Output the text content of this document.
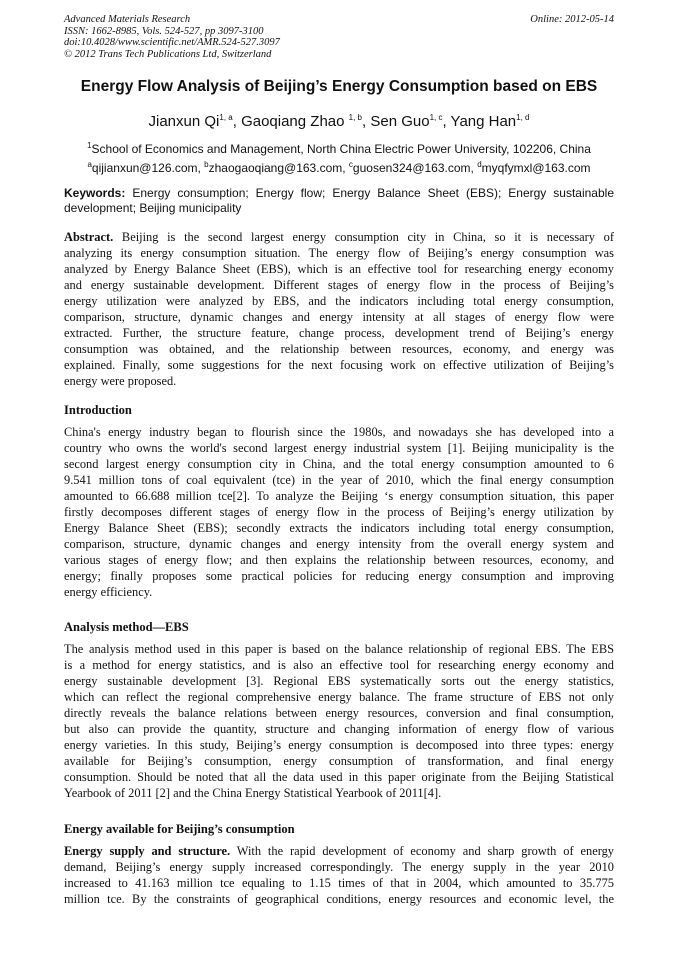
Advanced Materials Research
ISSN: 1662-8985, Vols. 524-527, pp 3097-3100
doi:10.4028/www.scientific.net/AMR.524-527.3097
© 2012 Trans Tech Publications Ltd, Switzerland
Online: 2012-05-14
Energy Flow Analysis of Beijing’s Energy Consumption based on EBS
Jianxun Qi$^{1, a}$, Gaoqiang Zhao $^{1, b}$, Sen Guo$^{1, c}$, Yang Han$^{1, d}$
$^1$School of Economics and Management, North China Electric Power University, 102206, China
$^a$qijianxun@126.com, $^b$zhaogaoqiang@163.com, $^c$guosen324@163.com, $^d$myqfymxl@163.com
Keywords: Energy consumption; Energy flow; Energy Balance Sheet (EBS); Energy sustainable
development; Beijing municipality
Abstract. Beijing is the second largest energy consumption city in China, so it is necessary of
analyzing its energy consumption situation. The energy flow of Beijing’s energy consumption was
analyzed by Energy Balance Sheet (EBS), which is an effective tool for researching energy economy
and energy sustainable development. Different stages of energy flow in the process of Beijing’s
energy utilization were analyzed by EBS, and the indicators including total energy consumption,
comparison, structure, dynamic changes and energy intensity at all stages of energy flow were
extracted. Further, the structure feature, change process, development trend of Beijing’s energy
consumption was obtained, and the relationship between resources, economy, and energy was
explained. Finally, some suggestions for the next focusing work on effective utilization of Beijing’s
energy were proposed.
Introduction
China's energy industry began to flourish since the 1980s, and nowadays she has developed into a
country who owns the world's second largest energy industrial system [1]. Beijing municipality is the
second largest energy consumption city in China, and the total energy consumption amounted to 6
9.541 million tons of coal equivalent (tce) in the year of 2010, which the final energy consumption
amounted to 66.688 million tce[2]. To analyze the Beijing ‘s energy consumption situation, this paper
firstly decomposes different stages of energy flow in the process of Beijing’s energy utilization by
Energy Balance Sheet (EBS); secondly extracts the indicators including total energy consumption,
comparison, structure, dynamic changes and energy intensity from the overall energy system and
various stages of energy flow; and then explains the relationship between resources, economy, and
energy; finally proposes some practical policies for reducing energy consumption and improving
energy efficiency.
Analysis method—EBS
The analysis method used in this paper is based on the balance relationship of regional EBS. The EBS
is a method for energy statistics, and is also an effective tool for researching energy economy and
energy sustainable development [3]. Regional EBS systematically sorts out the energy statistics,
which can reflect the regional comprehensive energy balance. The frame structure of EBS not only
directly reveals the balance relations between energy resources, conversion and final consumption,
but also can provide the quantity, structure and changing information of energy flow of various
energy varieties. In this study, Beijing’s energy consumption is decomposed into three types: energy
available for Beijing’s consumption, energy consumption of transformation, and final energy
consumption. Should be noted that all the data used in this paper originate from the Beijing Statistical
Yearbook of 2011 [2] and the China Energy Statistical Yearbook of 2011[4].
Energy available for Beijing’s consumption
Energy supply and structure. With the rapid development of economy and sharp growth of energy
demand, Beijing’s energy supply increased correspondingly. The energy supply in the year 2010
increased to 41.163 million tce equaling to 1.15 times of that in 2004, which amounted to 35.775
million tce. By the constraints of geographical conditions, energy resources and economic level, the
